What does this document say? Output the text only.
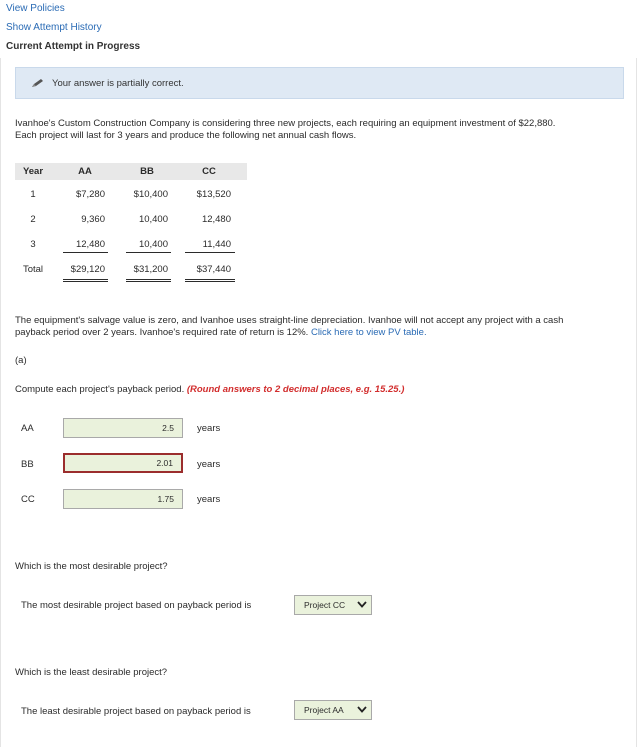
View Policies
Show Attempt History
Current Attempt in Progress
Your answer is partially correct.
Ivanhoe's Custom Construction Company is considering three new projects, each requiring an equipment investment of $22,880.
Each project will last for 3 years and produce the following net annual cash flows.
Year	AA	BB	CC
1	$7,280	$10,400	$13,520
2	9,360	10,400	12,480
3	12,480	10,400	11,440
Total	$29,120	$31,200	$37,440
The equipment's salvage value is zero, and Ivanhoe uses straight-line depreciation. Ivanhoe will not accept any project with a cash
payback period over 2 years. Ivanhoe's required rate of return is 12%. Click here to view PV table.
(a)
Compute each project's payback period. (Round answers to 2 decimal places, e.g. 15.25.)
AA	2.5	years
BB	2.01	years
CC	1.75	years
Which is the most desirable project?
The most desirable project based on payback period is	Project CC
Which is the least desirable project?
The least desirable project based on payback period is	Project AA
